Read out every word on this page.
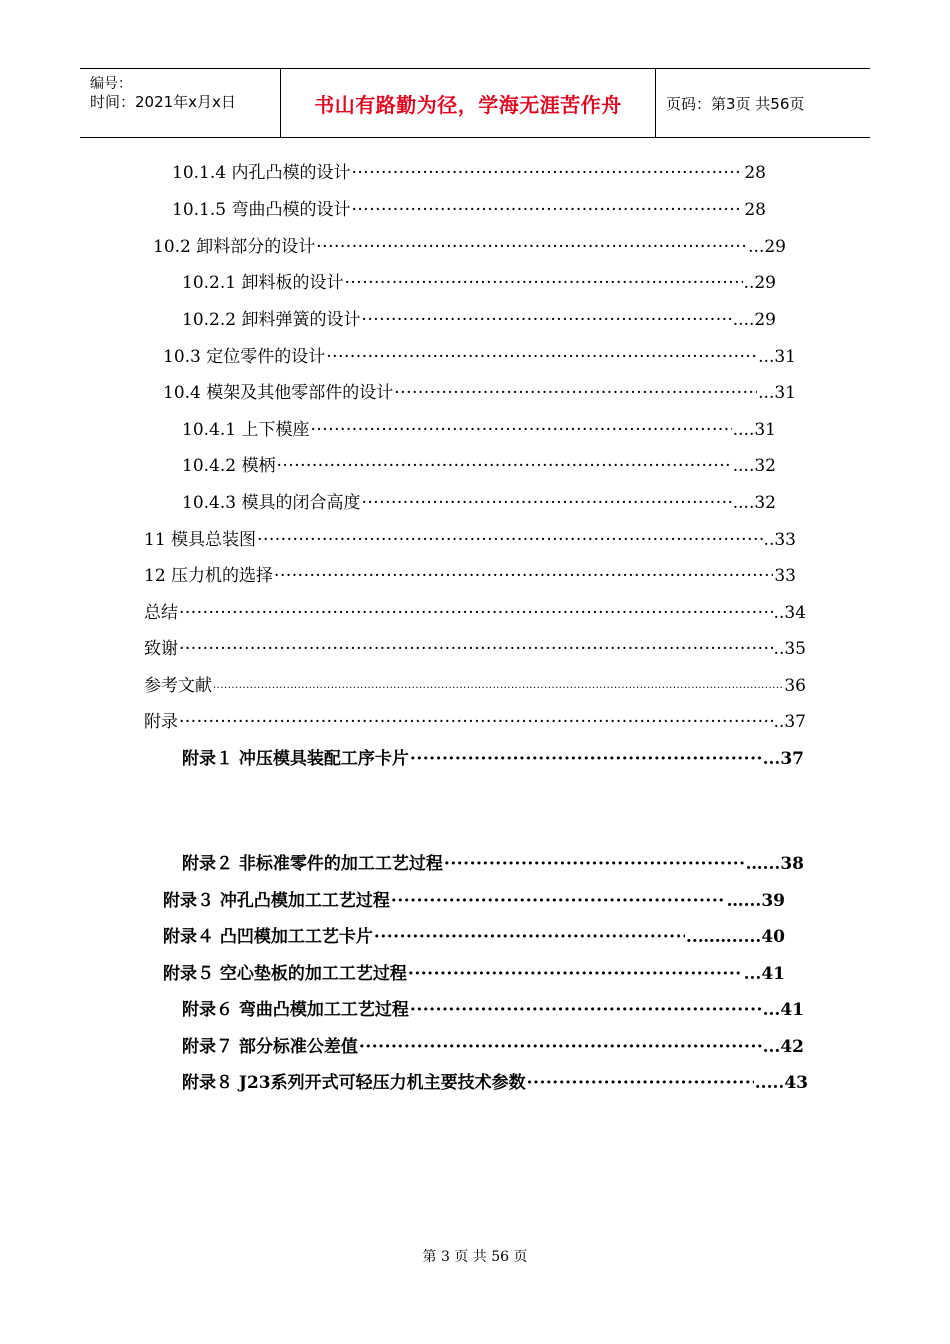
编号：
时间：2021年x月x日	书山有路勤为径，学海无涯苦作舟	页码：第3页 共56页
10.1.4 内孔凸模的设计 ·····	28
10.1.5 弯曲凸模的设计 ·····	28
10.2 卸料部分的设计 ·····	...29
10.2.1 卸料板的设计 ·····	..29
10.2.2 卸料弹簧的设计 ·····	....29
10.3 定位零件的设计 ·····	...31
10.4 模架及其他零部件的设计 ·····	...31
10.4.1 上下模座 ·····	....31
10.4.2 模柄 ·····	....32
10.4.3 模具的闭合高度 ·····	....32
11 模具总装图 ·····	..33
12 压力机的选择 ·····	33
总结 ·····	..34
致谢 ·····	..35
参考文献 ·····	36
附录 ·····	..37
附录１ 冲压模具装配工序卡片 ·····	...37
附录２ 非标准零件的加工工艺过程 ·····	…...38
附录３ 冲孔凸模加工工艺过程 ·····	…...39
附录４ 凸凹模加工工艺卡片 ·····	..…….....40
附录５ 空心垫板的加工工艺过程 ·····	...41
附录６ 弯曲凸模加工工艺过程 ·····	...41
附录７ 部分标准公差值 ·····	...42
附录８ J23系列开式可轻压力机主要技术参数 ·····	.....43
第 3 页 共 56 页
